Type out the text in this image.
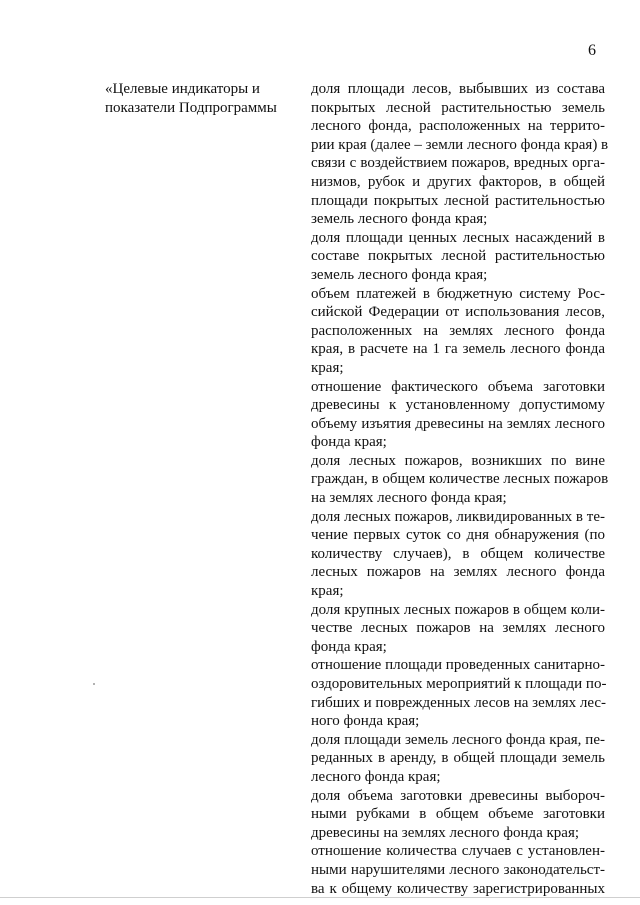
6
«Целевые индикаторы и
показатели Подпрограммы
доля площади лесов, выбывших из состава
покрытых лесной растительностью земель
лесного фонда, расположенных на террито-
рии края (далее – земли лесного фонда края) в
связи с воздействием пожаров, вредных орга-
низмов, рубок и других факторов, в общей
площади покрытых лесной растительностью
земель лесного фонда края;
доля площади ценных лесных насаждений в
составе покрытых лесной растительностью
земель лесного фонда края;
объем платежей в бюджетную систему Рос-
сийской Федерации от использования лесов,
расположенных на землях лесного фонда
края, в расчете на 1 га земель лесного фонда
края;
отношение фактического объема заготовки
древесины к установленному допустимому
объему изъятия древесины на землях лесного
фонда края;
доля лесных пожаров, возникших по вине
граждан, в общем количестве лесных пожаров
на землях лесного фонда края;
доля лесных пожаров, ликвидированных в те-
чение первых суток со дня обнаружения (по
количеству случаев), в общем количестве
лесных пожаров на землях лесного фонда
края;
доля крупных лесных пожаров в общем коли-
честве лесных пожаров на землях лесного
фонда края;
отношение площади проведенных санитарно-
оздоровительных мероприятий к площади по-
гибших и поврежденных лесов на землях лес-
ного фонда края;
доля площади земель лесного фонда края, пе-
реданных в аренду, в общей площади земель
лесного фонда края;
доля объема заготовки древесины выбороч-
ными рубками в общем объеме заготовки
древесины на землях лесного фонда края;
отношение количества случаев с установлен-
ными нарушителями лесного законодательст-
ва к общему количеству зарегистрированных
